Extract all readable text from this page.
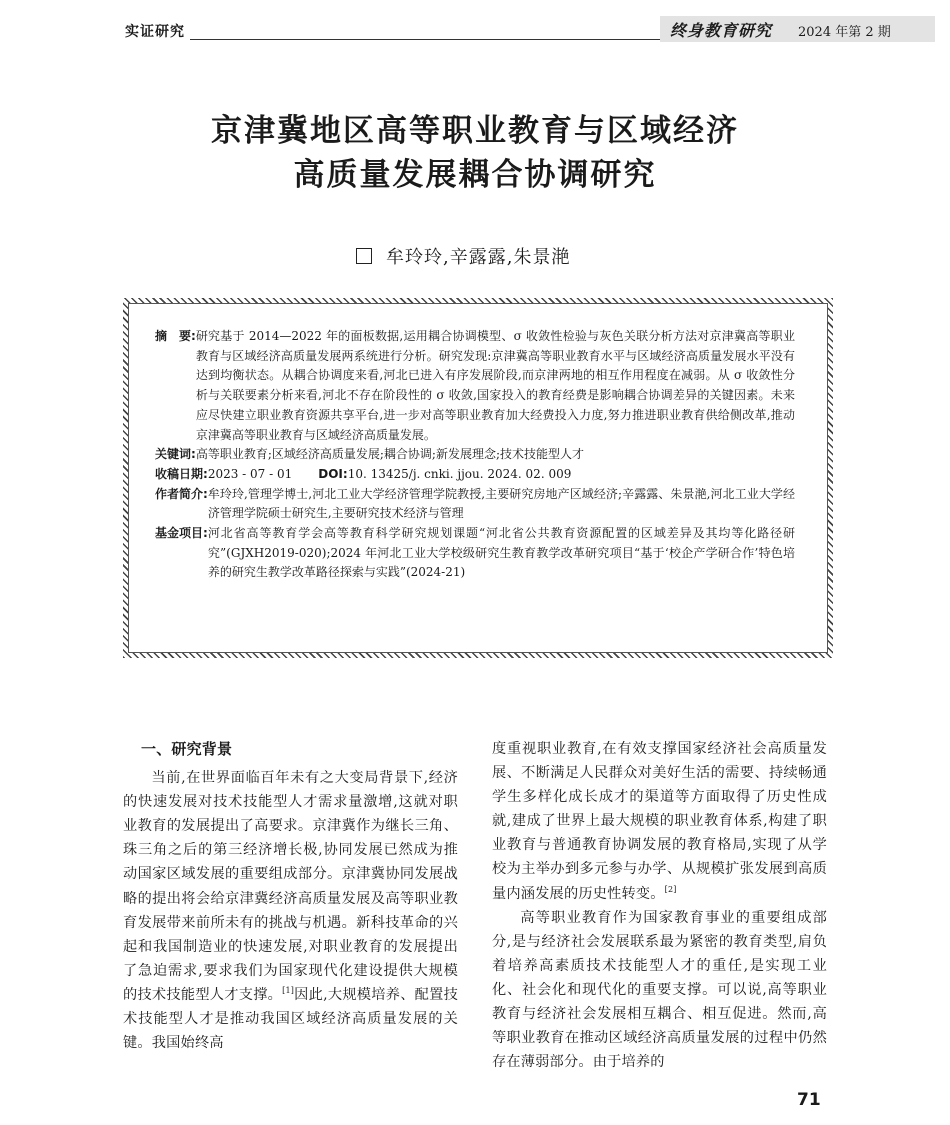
实证研究	终身教育研究 2024 年第 2 期
京津冀地区高等职业教育与区域经济
高质量发展耦合协调研究
牟玲玲,辛露露,朱景滟
摘　要: 研究基于 2014—2022 年的面板数据,运用耦合协调模型、σ 收敛性检验与灰色关联分析方法对京津冀高等职业教育与区域经济高质量发展两系统进行分析。研究发现:京津冀高等职业教育水平与区域经济高质量发展水平没有达到均衡状态。从耦合协调度来看,河北已进入有序发展阶段,而京津两地的相互作用程度在减弱。从 σ 收敛性分析与关联要素分析来看,河北不存在阶段性的 σ 收敛,国家投入的教育经费是影响耦合协调差异的关键因素。未来应尽快建立职业教育资源共享平台,进一步对高等职业教育加大经费投入力度,努力推进职业教育供给侧改革,推动京津冀高等职业教育与区域经济高质量发展。
关键词: 高等职业教育;区域经济高质量发展;耦合协调;新发展理念;技术技能型人才
收稿日期: 2023 - 07 - 01 DOI: 10. 13425/j. cnki. jjou. 2024. 02. 009
作者简介: 牟玲玲,管理学博士,河北工业大学经济管理学院教授,主要研究房地产区域经济;辛露露、朱景滟,河北工业大学经济管理学院硕士研究生,主要研究技术经济与管理
基金项目: 河北省高等教育学会高等教育科学研究规划课题“河北省公共教育资源配置的区域差异及其均等化路径研究”(GJXH2019-020);2024 年河北工业大学校级研究生教育教学改革研究项目“基于‘校企产学研合作’特色培养的研究生教学改革路径探索与实践”(2024-21)
一、研究背景

当前,在世界面临百年未有之大变局背景下,经济的快速发展对技术技能型人才需求量激增,这就对职业教育的发展提出了高要求。京津冀作为继长三角、珠三角之后的第三经济增长极,协同发展已然成为推动国家区域发展的重要组成部分。京津冀协同发展战略的提出将会给京津冀经济高质量发展及高等职业教育发展带来前所未有的挑战与机遇。新科技革命的兴起和我国制造业的快速发展,对职业教育的发展提出了急迫需求,要求我们为国家现代化建设提供大规模的技术技能型人才支撑。[1]因此,大规模培养、配置技术技能型人才是推动我国区域经济高质量发展的关键。我国始终高

度重视职业教育,在有效支撑国家经济社会高质量发展、不断满足人民群众对美好生活的需要、持续畅通学生多样化成长成才的渠道等方面取得了历史性成就,建成了世界上最大规模的职业教育体系,构建了职业教育与普通教育协调发展的教育格局,实现了从学校为主举办到多元参与办学、从规模扩张发展到高质量内涵发展的历史性转变。[2]

高等职业教育作为国家教育事业的重要组成部分,是与经济社会发展联系最为紧密的教育类型,肩负着培养高素质技术技能型人才的重任,是实现工业化、社会化和现代化的重要支撑。可以说,高等职业教育与经济社会发展相互耦合、相互促进。然而,高等职业教育在推动区域经济高质量发展的过程中仍然存在薄弱部分。由于培养的

71
